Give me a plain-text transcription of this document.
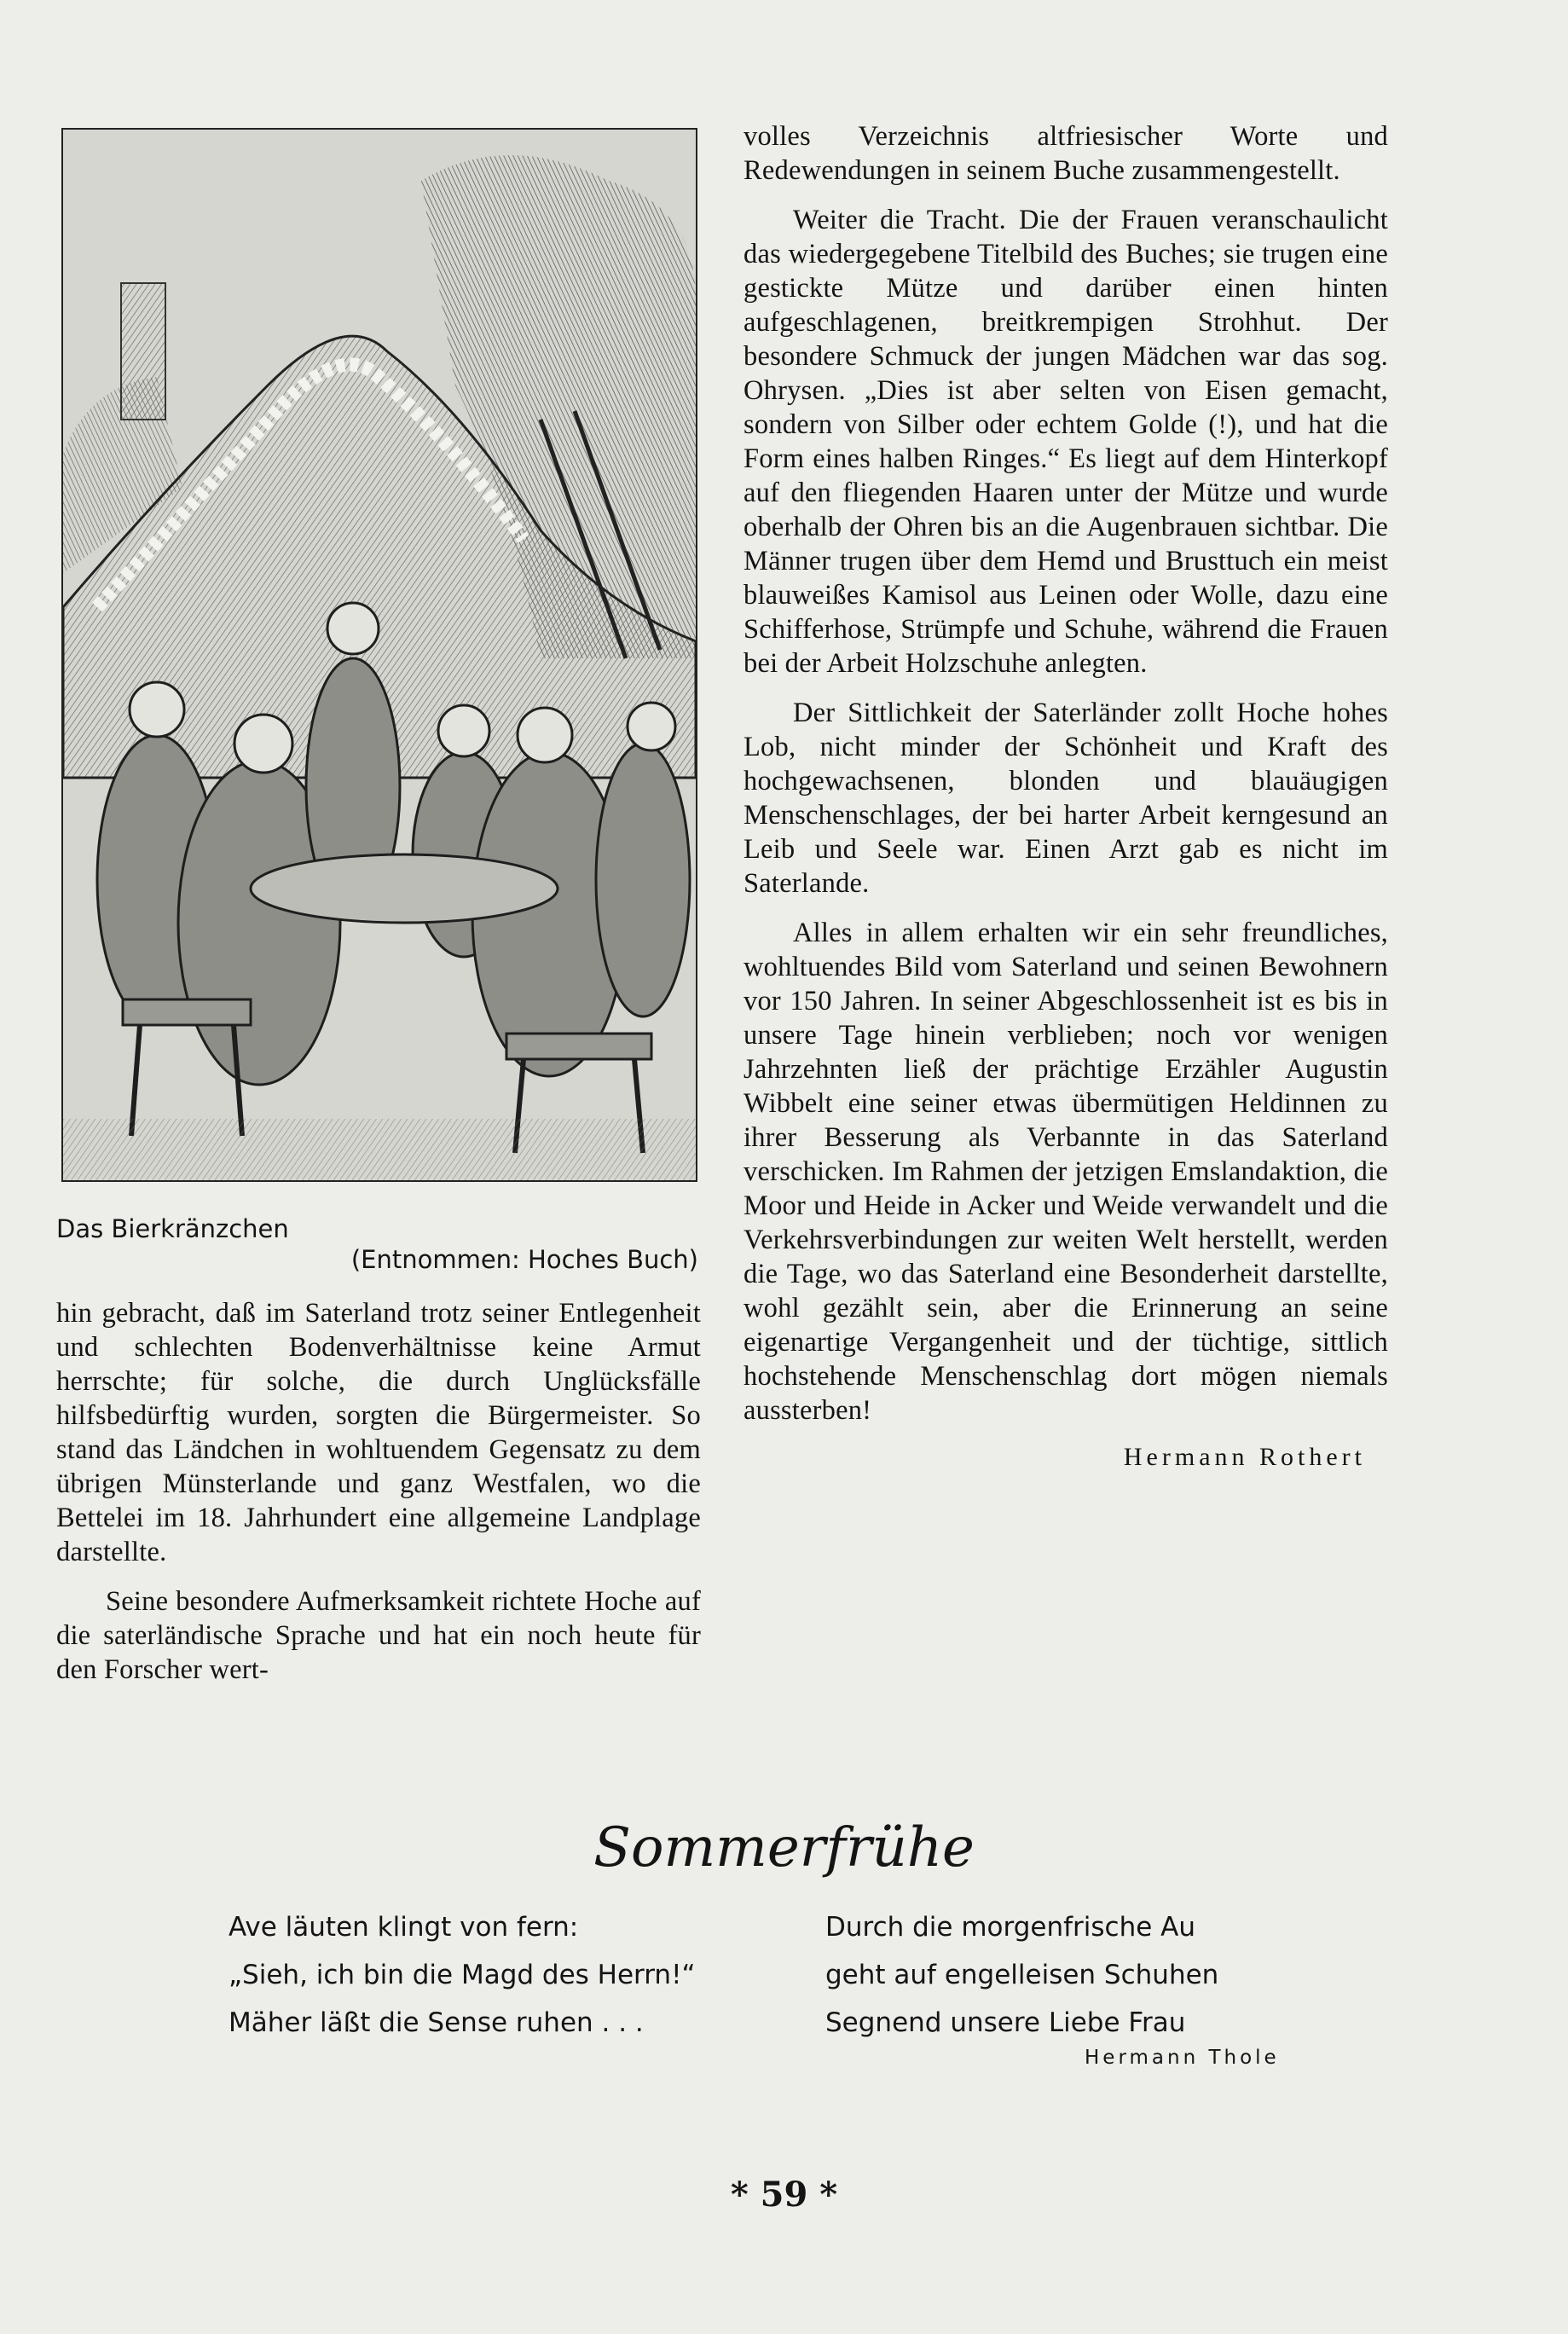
Das Bierkränzchen
(Entnommen: Hoches Buch)

hin gebracht, daß im Saterland trotz seiner Entlegenheit und schlechten Bodenverhältnisse keine Armut herrschte; für solche, die durch Unglücksfälle hilfsbedürftig wurden, sorgten die Bürgermeister. So stand das Ländchen in wohltuendem Gegensatz zu dem übrigen Münsterlande und ganz Westfalen, wo die Bettelei im 18. Jahrhundert eine allgemeine Landplage darstellte.

Seine besondere Aufmerksamkeit richtete Hoche auf die saterländische Sprache und hat ein noch heute für den Forscher wert-

volles Verzeichnis altfriesischer Worte und Redewendungen in seinem Buche zusammengestellt.

Weiter die Tracht. Die der Frauen veranschaulicht das wiedergegebene Titelbild des Buches; sie trugen eine gestickte Mütze und darüber einen hinten aufgeschlagenen, breitkrempigen Strohhut. Der besondere Schmuck der jungen Mädchen war das sog. Ohrysen. „Dies ist aber selten von Eisen gemacht, sondern von Silber oder echtem Golde (!), und hat die Form eines halben Ringes.“ Es liegt auf dem Hinterkopf auf den fliegenden Haaren unter der Mütze und wurde oberhalb der Ohren bis an die Augenbrauen sichtbar. Die Männer trugen über dem Hemd und Brusttuch ein meist blauweißes Kamisol aus Leinen oder Wolle, dazu eine Schifferhose, Strümpfe und Schuhe, während die Frauen bei der Arbeit Holzschuhe anlegten.

Der Sittlichkeit der Saterländer zollt Hoche hohes Lob, nicht minder der Schönheit und Kraft des hochgewachsenen, blonden und blauäugigen Menschenschlages, der bei harter Arbeit kerngesund an Leib und Seele war. Einen Arzt gab es nicht im Saterlande.

Alles in allem erhalten wir ein sehr freundliches, wohltuendes Bild vom Saterland und seinen Bewohnern vor 150 Jahren. In seiner Abgeschlossenheit ist es bis in unsere Tage hinein verblieben; noch vor wenigen Jahrzehnten ließ der prächtige Erzähler Augustin Wibbelt eine seiner etwas übermütigen Heldinnen zu ihrer Besserung als Verbannte in das Saterland verschicken. Im Rahmen der jetzigen Emslandaktion, die Moor und Heide in Acker und Weide verwandelt und die Verkehrsverbindungen zur weiten Welt herstellt, werden die Tage, wo das Saterland eine Besonderheit darstellte, wohl gezählt sein, aber die Erinnerung an seine eigenartige Vergangenheit und der tüchtige, sittlich hochstehende Menschenschlag dort mögen niemals aussterben!

Hermann Rothert
Sommerfrühe
Ave läuten klingt von fern:
„Sieh, ich bin die Magd des Herrn!“
Mäher läßt die Sense ruhen . . .
Durch die morgenfrische Au
geht auf engelleisen Schuhen
Segnend unsere Liebe Frau
Hermann Thole
* 59 *
